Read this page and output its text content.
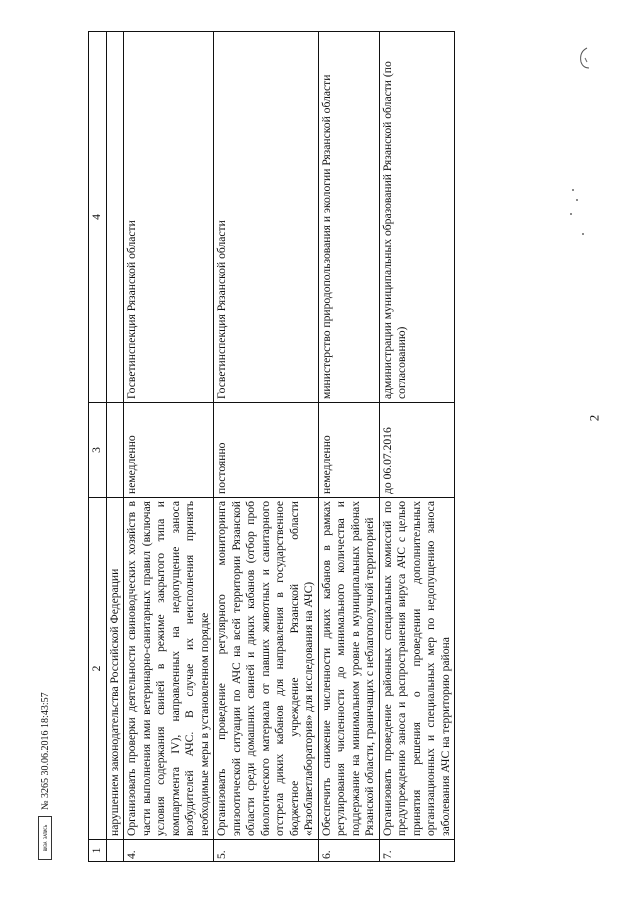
1	2	3	4
	нарушением законодательства Российской Федерации		
4.	Организовать проверки деятельности свиноводческих хозяйств в части выполнения ими ветеринарно-санитарных правил (включая условия содержания свиней в режиме закрытого типа и компартмента IV), направленных на недопущение заноса возбудителей АЧС. В случае их неисполнения принять необходимые меры в установленном порядке	немедленно	Госветинспекция Рязанской области
5.	Организовать проведение регулярного мониторинга эпизоотической ситуации по АЧС на всей территории Рязанской области среди домашних свиней и диких кабанов (отбор проб биологического материала от павших животных и санитарного отстрела диких кабанов для направления в государственное бюджетное учреждение Рязанской области «Рязоблветлаборатория» для исследования на АЧС)	постоянно	Госветинспекция Рязанской области
6.	Обеспечить снижение численности диких кабанов в рамках регулирования численности до минимального количества и поддержание на минимальном уровне в муниципальных районах Рязанской области, граничащих с неблагополучной территорией	немедленно	министерство природопользования и экологии Рязанской области
7.	Организовать проведение районных специальных комиссий по предупреждению заноса и распространения вируса АЧС с целью принятия решения о проведении дополнительных организационных и специальных мер по недопущению заноса заболевания АЧС на территорию района	до 06.07.2016	администрации муниципальных образований Рязанской области (по согласованию)
2
ВИЗА ЗАПИСЬ
№ 3265 30.06.2016 18:43:57
